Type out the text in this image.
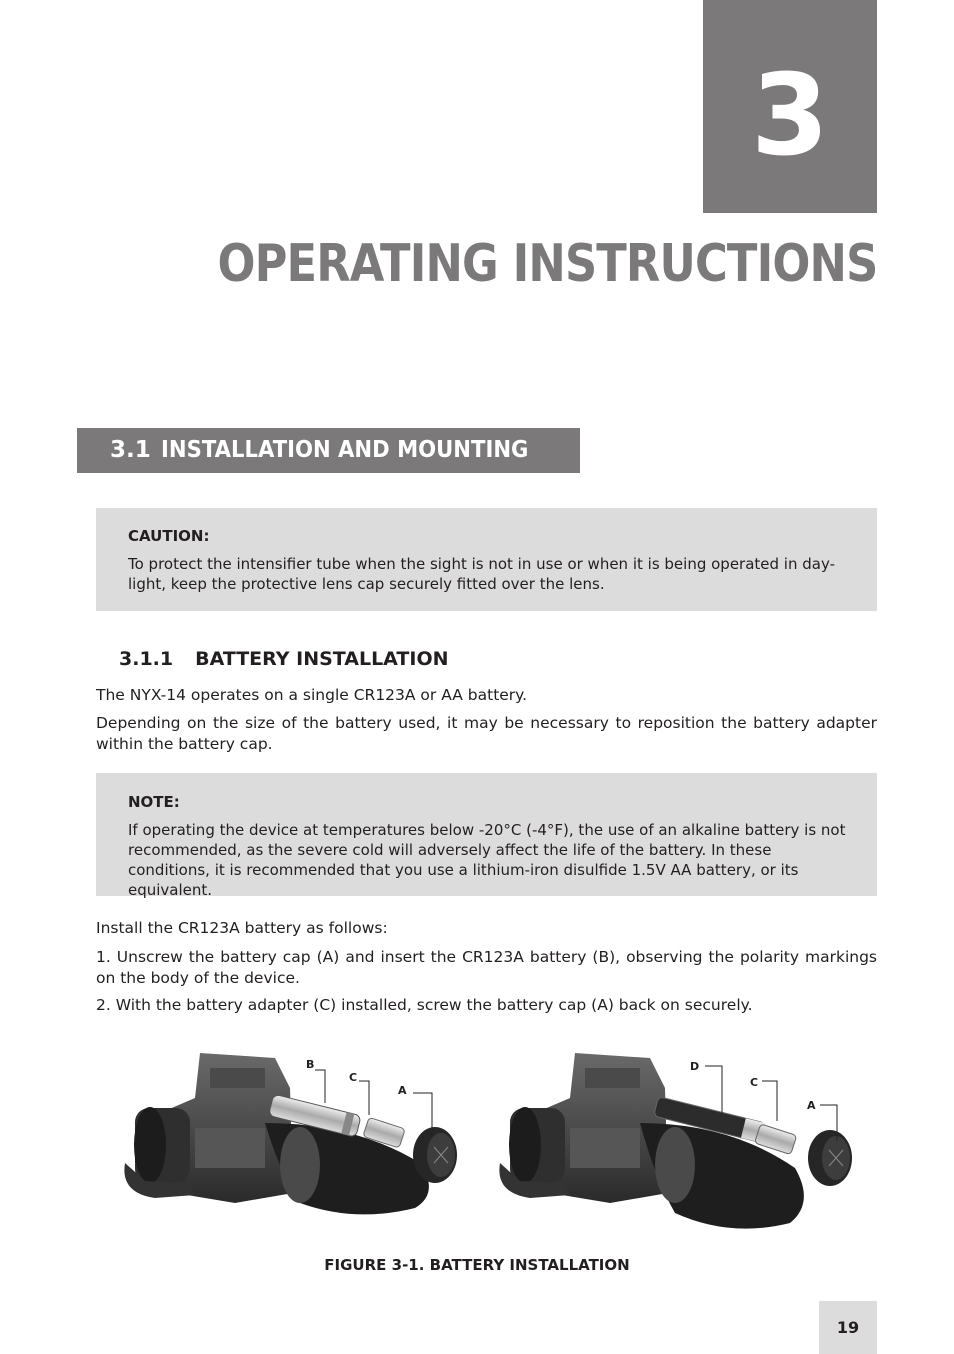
3
OPERATING INSTRUCTIONS
3.1 INSTALLATION AND MOUNTING

CAUTION:

To protect the intensifier tube when the sight is not in use or when it is being operated in day-light, keep the protective lens cap securely fitted over the lens.

3.1.1 BATTERY INSTALLATION

The NYX-14 operates on a single CR123A or AA battery.

Depending on the size of the battery used, it may be necessary to reposition the battery adapter within the battery cap.

NOTE:

If operating the device at temperatures below -20°C (-4°F), the use of an alkaline battery is not recommended, as the severe cold will adversely affect the life of the battery. In these conditions, it is recommended that you use a lithium-iron disulfide 1.5V AA battery, or its equivalent.

Install the CR123A battery as follows:

1. Unscrew the battery cap (A) and insert the CR123A battery (B), observing the polarity markings on the body of the device.

2. With the battery adapter (C) installed, screw the battery cap (A) back on securely.

B
C
A
D
C
A
FIGURE 3-1. BATTERY INSTALLATION
19
